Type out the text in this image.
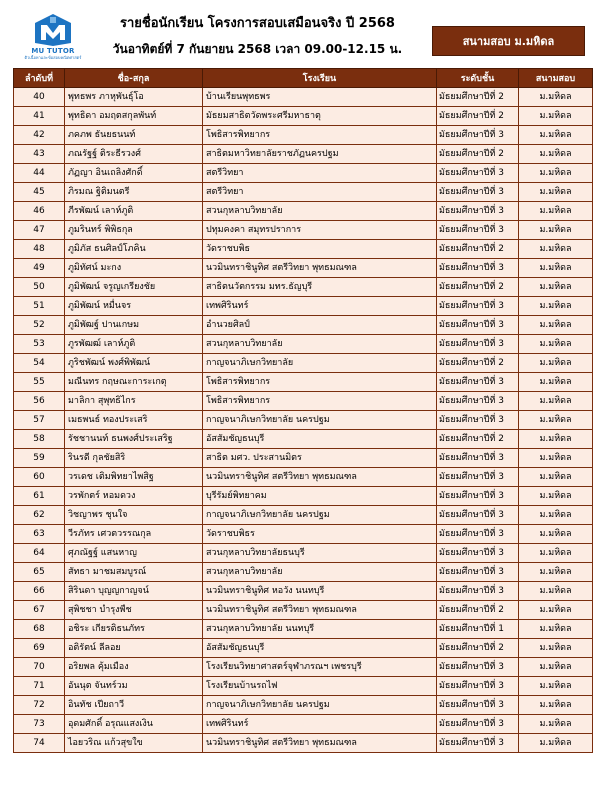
MU TUTOR
ติวเนื้อหาและข้อสอบคณิตศาสตร์
รายชื่อนักเรียน โครงการสอบเสมือนจริง ปี 2568
วันอาทิตย์ที่ 7 กันยายน 2568 เวลา 09.00-12.15 น.
สนามสอบ ม.มหิดล
ลำดับที่	ชื่อ-สกุล	โรงเรียน	ระดับชั้น	สนามสอบ
40	พุทธพร ภาหุพันธุ์โอ	บ้านเรียนพุทธพร	มัธยมศึกษาปีที่ 2	ม.มหิดล
41	พุทธิดา อมฤตสกุลพันท์	มัธยมสาธิตวัดพระศรีมหาธาตุ	มัธยมศึกษาปีที่ 2	ม.มหิดล
42	ภคภพ ธันยธนนท์	โพธิสารพิทยากร	มัธยมศึกษาปีที่ 3	ม.มหิดล
43	ภณรัฐฐ์ ติระธีรวงศ์	สาธิตมหาวิทยาลัยราชภัฏนครปฐม	มัธยมศึกษาปีที่ 2	ม.มหิดล
44	ภัฏญา อินเถลิงศักดิ์	สตรีวิทยา	มัธยมศึกษาปีที่ 3	ม.มหิดล
45	ภิรมณ ฐิติมนตรี	สตรีวิทยา	มัธยมศึกษาปีที่ 3	ม.มหิดล
46	ภีรพัฒน์ เลาห์ภูติ	สวนกุหลาบวิทยาลัย	มัธยมศึกษาปีที่ 3	ม.มหิดล
47	ภูมรินทร์ พิพิธกุล	ปทุมคงคา สมุทรปราการ	มัธยมศึกษาปีที่ 3	ม.มหิดล
48	ภูมิภัส ธนศิลป์โภคิน	วัดราชบพิธ	มัธยมศึกษาปีที่ 2	ม.มหิดล
49	ภูมิทัศน์ มะกง	นวมินทราชินูทิศ สตรีวิทยา พุทธมณฑล	มัธยมศึกษาปีที่ 3	ม.มหิดล
50	ภูมิพัฒน์ จรูญเกรียงชัย	สาธิตนวัตกรรม มทร.ธัญบุรี	มัธยมศึกษาปีที่ 2	ม.มหิดล
51	ภูมิพัฒน์ หมื่นจร	เทพศิรินทร์	มัธยมศึกษาปีที่ 3	ม.มหิดล
52	ภูมิพัฒฐ์ ปานเกษม	อำนวยศิลป์	มัธยมศึกษาปีที่ 3	ม.มหิดล
53	ภูรพัฒฒ์ เลาห์ภูติ	สวนกุหลาบวิทยาลัย	มัธยมศึกษาปีที่ 3	ม.มหิดล
54	ภูริชพัฒน์ พงศ์พิพัฒน์	กาญจนาภิเษกวิทยาลัย	มัธยมศึกษาปีที่ 2	ม.มหิดล
55	มณีนทร กฤษณะการะเกตุ	โพธิสารพิทยากร	มัธยมศึกษาปีที่ 3	ม.มหิดล
56	มาลิกา สุพุทธิไกร	โพธิสารพิทยากร	มัธยมศึกษาปีที่ 3	ม.มหิดล
57	เมธพนธ์ ทองประเสริ	กาญจนาภิเษกวิทยาลัย นครปฐม	มัธยมศึกษาปีที่ 3	ม.มหิดล
58	รัชชานนท์ ธนพงศ์ประเสริฐ	อัสสัมชัญธนบุรี	มัธยมศึกษาปีที่ 2	ม.มหิดล
59	รินรดี กุลชัยสิริ	สาธิต มศว. ประสานมิตร	มัธยมศึกษาปีที่ 3	ม.มหิดล
60	วรเดช เติมพิทยาไพสิฐ	นวมินทราชินูทิศ สตรีวิทยา พุทธมณฑล	มัธยมศึกษาปีที่ 3	ม.มหิดล
61	วรพักตร์ หอมดวง	บุรีรัมย์พิทยาคม	มัธยมศึกษาปีที่ 3	ม.มหิดล
62	วิชญาพร ชุนใจ	กาญจนาภิเษกวิทยาลัย นครปฐม	มัธยมศึกษาปีที่ 3	ม.มหิดล
63	วีรภัทร เศวตวรรณกุล	วัดราชบพิธร	มัธยมศึกษาปีที่ 3	ม.มหิดล
64	ศุภณัฐฐ์ แสนหาญ	สวนกุหลาบวิทยาลัยธนบุรี	มัธยมศึกษาปีที่ 3	ม.มหิดล
65	สัทธา มาชมสมบูรณ์	สวนกุหลาบวิทยาลัย	มัธยมศึกษาปีที่ 3	ม.มหิดล
66	สิรินดา บุญญกาญจน์	นวมินทราชินูทิศ หอวัง นนทบุรี	มัธยมศึกษาปีที่ 3	ม.มหิดล
67	สุพิชชา บำรุงพืช	นวมินทราชินูทิศ สตรีวิทยา พุทธมณฑล	มัธยมศึกษาปีที่ 2	ม.มหิดล
68	อชิระ เกียรติธนภัทร	สวนกุหลาบวิทยาลัย นนทบุรี	มัธยมศึกษาปีที่ 1	ม.มหิดล
69	อติรัตน์ ลีลอย	อัสสัมชัญธนบุรี	มัธยมศึกษาปีที่ 2	ม.มหิดล
70	อริยพล คุ้มเมือง	โรงเรียนวิทยาศาสตร์จุฬาภรณฯ เพชรบุรี	มัธยมศึกษาปีที่ 3	ม.มหิดล
71	อันนุต จันทร์วม	โรงเรียนบ้านรถไฟ	มัธยมศึกษาปีที่ 3	ม.มหิดล
72	อินทัช เปียถาวี	กาญจนาภิเษกวิทยาลัย นครปฐม	มัธยมศึกษาปีที่ 3	ม.มหิดล
73	อุดมศักดิ์ อรุณแสงเงิน	เทพศิรินทร์	มัธยมศึกษาปีที่ 3	ม.มหิดล
74	ไอยวริณ แก้วสุขใข	นวมินทราชินูทิศ สตรีวิทยา พุทธมณฑล	มัธยมศึกษาปีที่ 3	ม.มหิดล
